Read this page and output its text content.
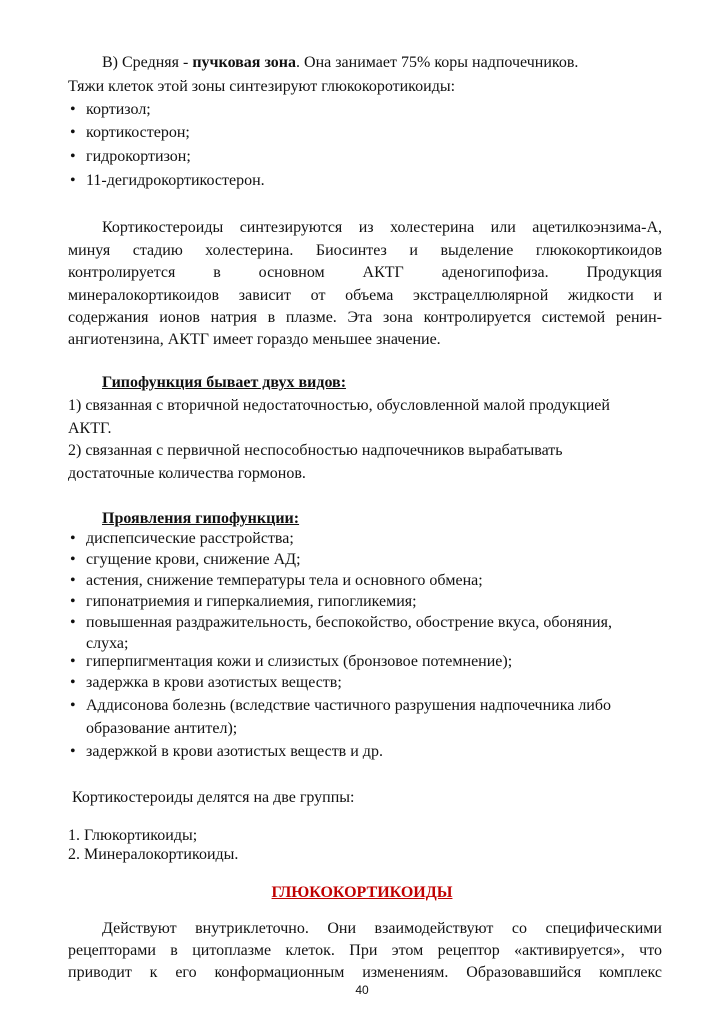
В) Средняя - пучковая зона. Она занимает 75% коры надпочечников.
Тяжи клеток этой зоны синтезируют глюкокоротикоиды:
• кортизол;
• кортикостерон;
• гидрокортизон;
• 11-дегидрокортикостерон.
Кортикостероиды синтезируются из холестерина или ацетилкоэнзима-А,
минуя стадию холестерина. Биосинтез и выделение глюкокортикоидов
контролируется в основном АКТГ аденогипофиза. Продукция
минералокортикоидов зависит от объема экстрацеллюлярной жидкости и
содержания ионов натрия в плазме. Эта зона контролируется системой ренин-
ангиотензина, АКТГ имеет гораздо меньшее значение.
Гипофункция бывает двух видов:
1) связанная с вторичной недостаточностью, обусловленной малой продукцией
АКТГ.
2) связанная с первичной неспособностью надпочечников вырабатывать
достаточные количества гормонов.
Проявления гипофункции:
• диспепсические расстройства;
• сгущение крови, снижение АД;
• астения, снижение температуры тела и основного обмена;
• гипонатриемия и гиперкалиемия, гипогликемия;
• повышенная раздражительность, беспокойство, обострение вкуса, обоняния,
слуха;
• гиперпигментация кожи и слизистых (бронзовое потемнение);
• задержка в крови азотистых веществ;
• Аддисонова болезнь (вследствие частичного разрушения надпочечника либо
образование антител);
• задержкой в крови азотистых веществ и др.
Кортикостероиды делятся на две группы:
1. Глюкортикоиды;
2. Минералокортикоиды.
ГЛЮКОКОРТИКОИДЫ
Действуют внутриклеточно. Они взаимодействуют со специфическими
рецепторами в цитоплазме клеток. При этом рецептор «активируется», что
приводит к его конформационным изменениям. Образовавшийся комплекс
40
